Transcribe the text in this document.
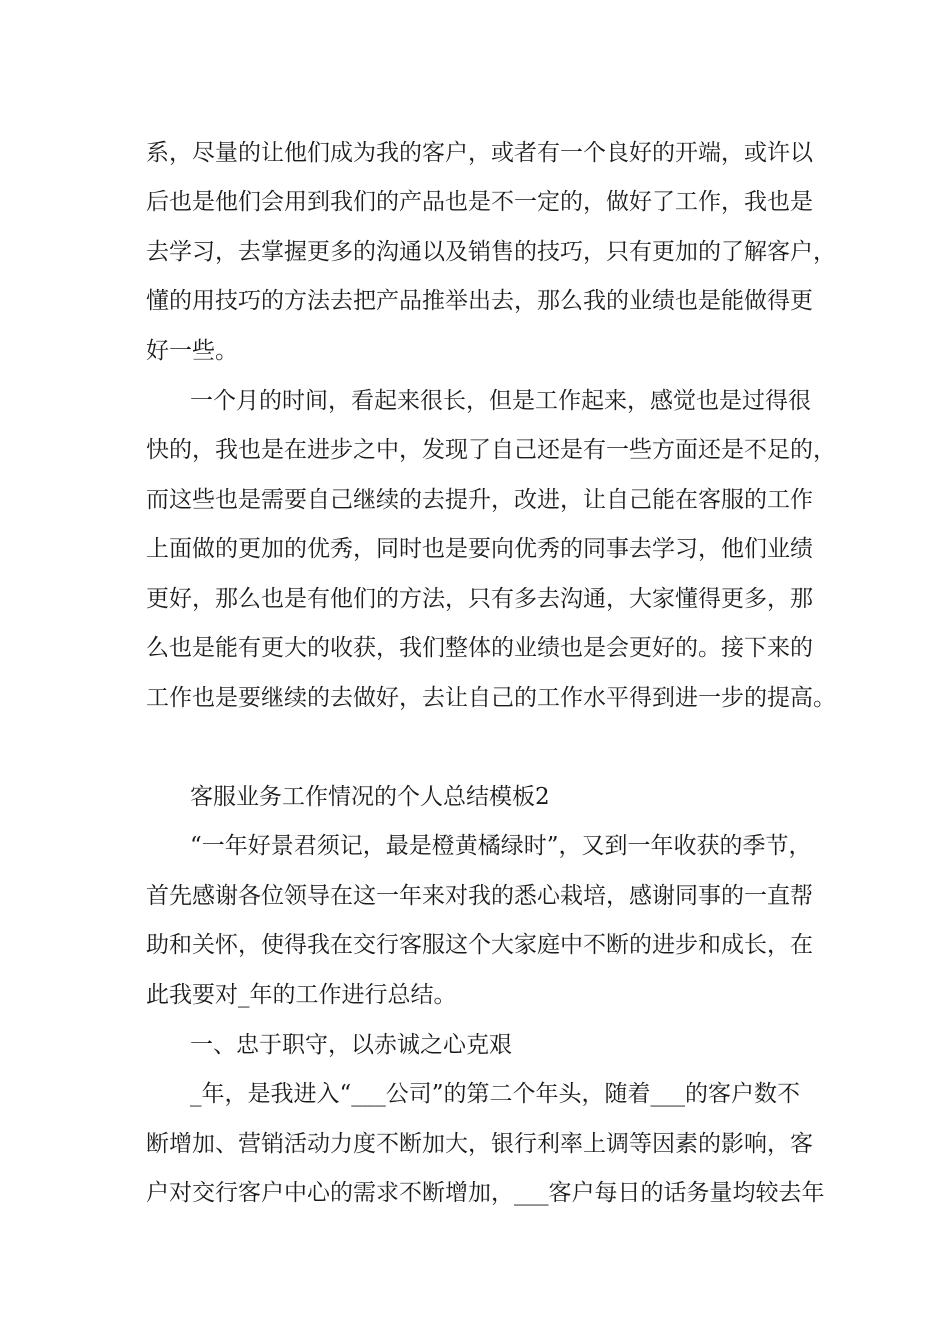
系，尽量的让他们成为我的客户，或者有一个良好的开端，或许以
后也是他们会用到我们的产品也是不一定的，做好了工作，我也是
去学习，去掌握更多的沟通以及销售的技巧，只有更加的了解客户，
懂的用技巧的方法去把产品推举出去，那么我的业绩也是能做得更
好一些。
一个月的时间，看起来很长，但是工作起来，感觉也是过得很
快的，我也是在进步之中，发现了自己还是有一些方面还是不足的，
而这些也是需要自己继续的去提升，改进，让自己能在客服的工作
上面做的更加的优秀，同时也是要向优秀的同事去学习，他们业绩
更好，那么也是有他们的方法，只有多去沟通，大家懂得更多，那
么也是能有更大的收获，我们整体的业绩也是会更好的。接下来的
工作也是要继续的去做好，去让自己的工作水平得到进一步的提高。
客服业务工作情况的个人总结模板2
“一年好景君须记，最是橙黄橘绿时”，又到一年收获的季节，
首先感谢各位领导在这一年来对我的悉心栽培，感谢同事的一直帮
助和关怀，使得我在交行客服这个大家庭中不断的进步和成长，在
此我要对_年的工作进行总结。
一、忠于职守，以赤诚之心克艰
_年，是我进入“___公司”的第二个年头，随着___的客户数不
断增加、营销活动力度不断加大，银行利率上调等因素的影响，客
户对交行客户中心的需求不断增加，___客户每日的话务量均较去年
